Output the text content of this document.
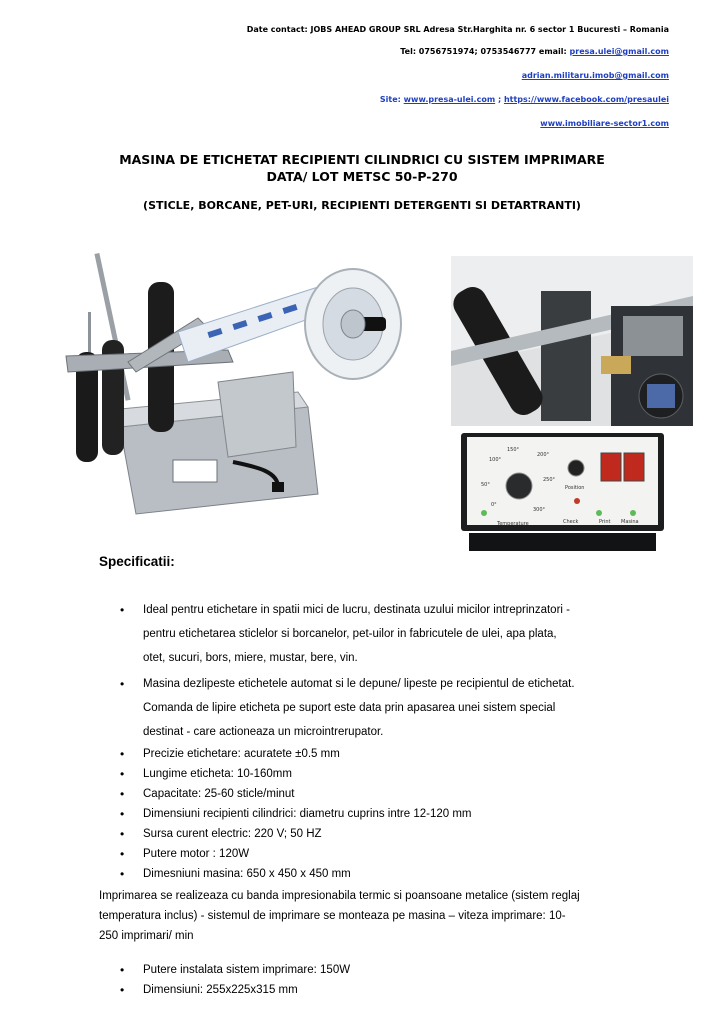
Date contact: JOBS AHEAD GROUP SRL Adresa Str.Harghita nr. 6 sector 1 Bucuresti – Romania
Tel: 0756751974; 0753546777 email: presa.ulei@gmail.com
adrian.militaru.imob@gmail.com
Site: www.presa-ulei.com ; https://www.facebook.com/presaulei
www.imobiliare-sector1.com
MASINA DE ETICHETAT RECIPIENTI CILINDRICI CU SISTEM IMPRIMARE
DATA/ LOT METSC 50-P-270
(STICLE, BORCANE, PET-URI, RECIPIENTI DETERGENTI SI DETARTRANTI)
100°
150°
200°
250°
300°
50°
0°
Temperature
Position
Check	Print Masina
Specificatii:
• Ideal pentru etichetare in spatii mici de lucru, destinata uzului micilor intreprinzatori -
pentru etichetarea sticlelor si borcanelor, pet-uilor in fabricutele de ulei, apa plata,
otet, sucuri, bors, miere, mustar, bere, vin.
• Masina dezlipeste etichetele automat si le depune/ lipeste pe recipientul de etichetat.
Comanda de lipire eticheta pe suport este data prin apasarea unei sistem special
destinat - care actioneaza un microintrerupator.
• Precizie etichetare: acuratete ±0.5 mm
• Lungime eticheta: 10-160mm
• Capacitate: 25-60 sticle/minut
• Dimensiuni recipienti cilindrici: diametru cuprins intre 12-120 mm
• Sursa curent electric: 220 V; 50 HZ
• Putere motor : 120W
• Dimesniuni masina: 650 x 450 x 450 mm
Imprimarea se realizeaza cu banda impresionabila termic si poansoane metalice (sistem reglaj
temperatura inclus) - sistemul de imprimare se monteaza pe masina – viteza imprimare: 10-
250 imprimari/ min
• Putere instalata sistem imprimare: 150W
• Dimensiuni: 255x225x315 mm
